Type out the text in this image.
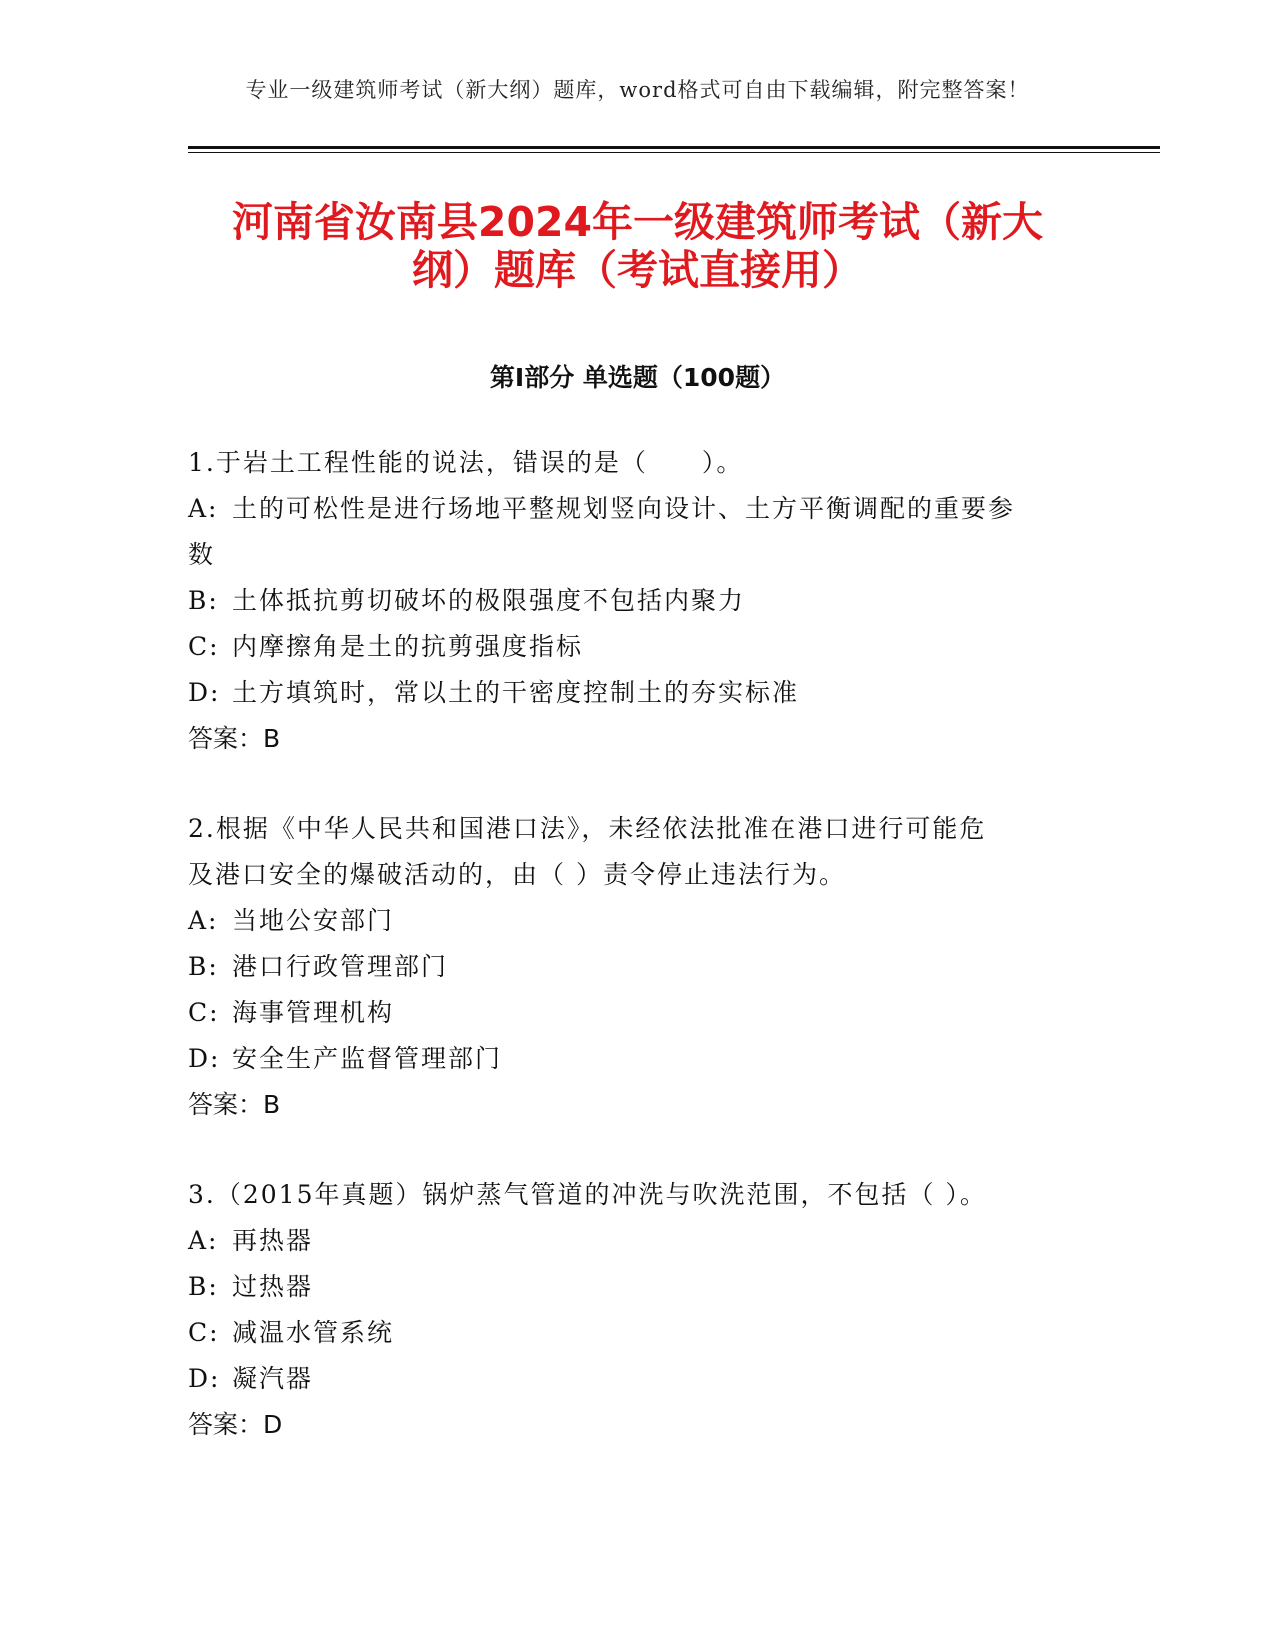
专业一级建筑师考试（新大纲）题库，word格式可自由下载编辑，附完整答案！
河南省汝南县2024年一级建筑师考试（新大
纲）题库（考试直接用）
第Ⅰ部分 单选题（100题）

1.于岩土工程性能的说法，错误的是（　　）。

A: 土的可松性是进行场地平整规划竖向设计、土方平衡调配的重要参
数
B: 土体抵抗剪切破坏的极限强度不包括内聚力
C: 内摩擦角是土的抗剪强度指标
D: 土方填筑时，常以土的干密度控制土的夯实标准
答案：B

2.根据《中华人民共和国港口法》，未经依法批准在港口进行可能危

及港口安全的爆破活动的，由（ ）责令停止违法行为。

A: 当地公安部门
B: 港口行政管理部门
C: 海事管理机构
D: 安全生产监督管理部门
答案：B

3.（2015年真题）锅炉蒸气管道的冲洗与吹洗范围，不包括（ ）。

A: 再热器
B: 过热器
C: 减温水管系统
D: 凝汽器
答案：D
